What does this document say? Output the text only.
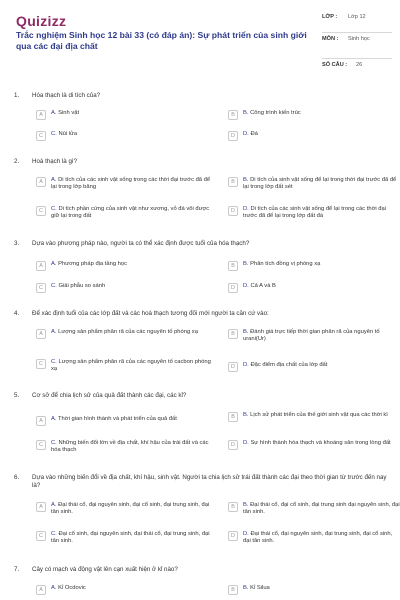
Quizizz
Trắc nghiệm Sinh học 12 bài 33 (có đáp án): Sự phát triển của sinh giới qua các đại địa chất
LỚP :	Lớp 12
MÔN :	Sinh học
SỐ CÂU :	26
1. Hóa thạch là di tích của?
A	A. Sinh vật	B	B. Công trình kiến trúc
C	C. Núi lửa	D	D. Đá
2. Hoá thạch là gì?
A	A. Di tích của các sinh vật sống trong các thời đại trước đã để lại trong lớp băng
B	B. Di tích của sinh vật sống để lại trong thời đại trước đã để lại trong lớp đất sét
C	C. Di tích phần cứng của sinh vật như xương, vỏ đá vôi được giữ lại trong đất
D	D. Di tích của các sinh vật sống để lại trong các thời đại trước đã để lại trong lớp đất đá
3. Dựa vào phương pháp nào, người ta có thể xác định được tuổi của hóa thạch?
A	A. Phương pháp địa tầng học	B	B. Phân tích đồng vị phóng xạ
C	C. Giải phẫu so sánh	D	D. Cả A và B
4. Để xác định tuổi của các lớp đất và các hoá thạch tương đối mới người ta căn cứ vào:
A	A. Lượng sản phẩm phân rã của các nguyên tố phóng xạ	B	B. Đánh giá trực tiếp thời gian phân rã của nguyên tố urani(Ur)
C	C. Lượng sản phẩm phân rã của các nguyên tố cacbon phóng xạ	D	D. Đặc điểm địa chất của lớp đất
5. Cơ sở để chia lịch sử của quả đất thành các đại, các kỉ?
A	A. Thời gian hình thành và phát triển của quả đất	B	B. Lịch sử phát triển của thế giới sinh vật qua các thời kì
C	C. Những biến đổi lớn về địa chất, khí hậu của trái đất và các hóa thạch
D	D. Sự hình thành hóa thạch và khoáng sản trong lòng đất
6. Dựa vào những biến đổi về địa chất, khí hậu, sinh vật. Người ta chia lịch sử trái đất thành các đại theo thời gian từ trước đến nay là?
A	A. Đại thái cổ, đại nguyên sinh, đại cổ sinh, đại trung sinh, đại tân sinh.
B	B. Đại thái cổ, đại cổ sinh, đại trung sinh đại nguyên sinh, đại tân sinh.
C	C. Đại cổ sinh, đại nguyên sinh, đại thái cổ, đại trung sinh, đại tân sinh.
D	D. Đại thái cổ, đại nguyên sinh, đại trung sinh, đại cổ sinh, đại tân sinh.
7. Cây có mạch và động vật lên cạn xuất hiện ở kỉ nào?
A	A. Kỉ Ocdovic	B	B. Kỉ Silua
